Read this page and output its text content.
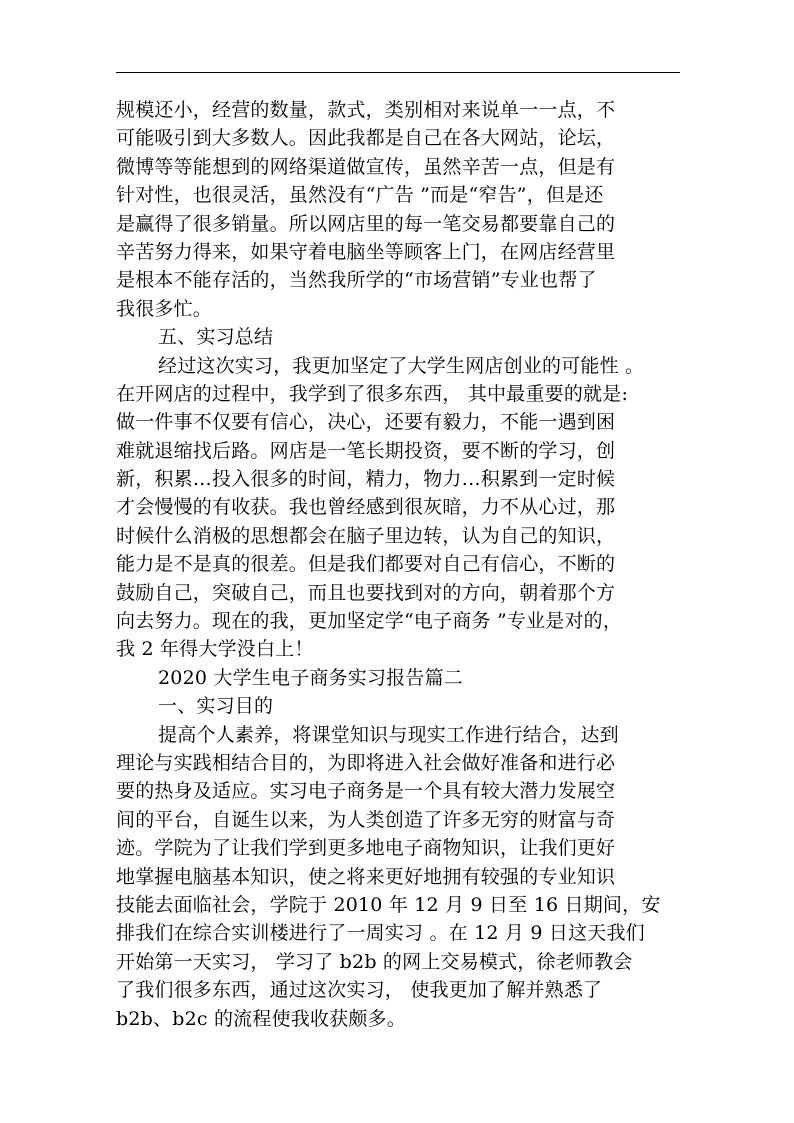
规模还小，经营的数量，款式，类别相对来说单一一点，不
可能吸引到大多数人。因此我都是自己在各大网站，论坛，
微博等等能想到的网络渠道做宣传，虽然辛苦一点，但是有
针对性，也很灵活，虽然没有“广告 ”而是“窄告”，但是还
是赢得了很多销量。所以网店里的每一笔交易都要靠自己的
辛苦努力得来，如果守着电脑坐等顾客上门，在网店经营里
是根本不能存活的，当然我所学的“市场营销”专业也帮了
我很多忙。
五、实习总结
经过这次实习，我更加坚定了大学生网店创业的可能性 。
在开网店的过程中，我学到了很多东西， 其中最重要的就是:
做一件事不仅要有信心，决心，还要有毅力，不能一遇到困
难就退缩找后路。网店是一笔长期投资，要不断的学习，创
新，积累…投入很多的时间，精力，物力…积累到一定时候
才会慢慢的有收获。我也曾经感到很灰暗，力不从心过，那
时候什么消极的思想都会在脑子里边转，认为自己的知识，
能力是不是真的很差。但是我们都要对自己有信心，不断的
鼓励自己，突破自己，而且也要找到对的方向，朝着那个方
向去努力。现在的我，更加坚定学“电子商务 ”专业是对的，
我 2 年得大学没白上！
2020 大学生电子商务实习报告篇二
一、实习目的
提高个人素养，将课堂知识与现实工作进行结合，达到
理论与实践相结合目的，为即将进入社会做好准备和进行必
要的热身及适应。实习电子商务是一个具有较大潜力发展空
间的平台，自诞生以来，为人类创造了许多无穷的财富与奇
迹。学院为了让我们学到更多地电子商物知识，让我们更好
地掌握电脑基本知识，使之将来更好地拥有较强的专业知识
技能去面临社会，学院于 2010 年 12 月 9 日至 16 日期间，安
排我们在综合实训楼进行了一周实习 。在 12 月 9 日这天我们
开始第一天实习， 学习了 b2b 的网上交易模式，徐老师教会
了我们很多东西，通过这次实习， 使我更加了解并熟悉了
b2b、b2c 的流程使我收获颇多。
